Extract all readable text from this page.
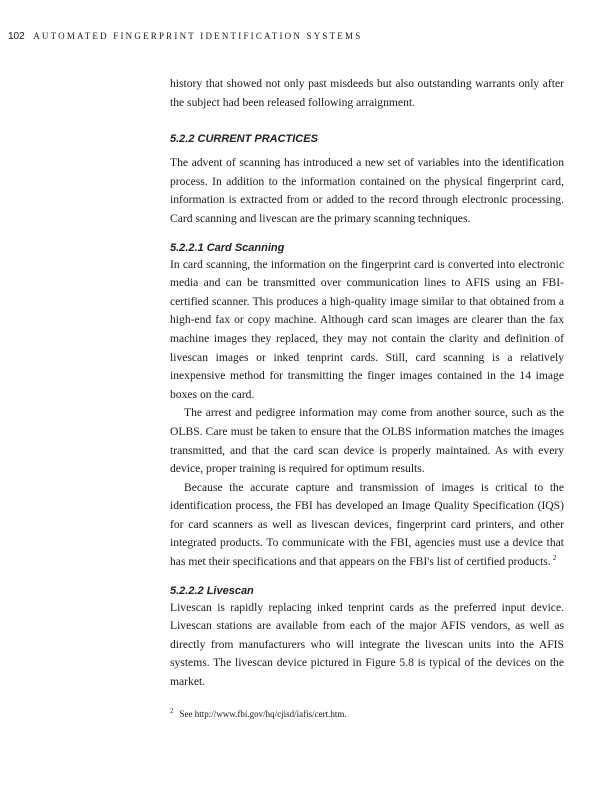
102 AUTOMATED FINGERPRINT IDENTIFICATION SYSTEMS

history that showed not only past misdeeds but also outstanding warrants only after the subject had been released following arraignment.

5.2.2 CURRENT PRACTICES

The advent of scanning has introduced a new set of variables into the identification process. In addition to the information contained on the physical fingerprint card, information is extracted from or added to the record through electronic processing. Card scanning and livescan are the primary scanning techniques.

5.2.2.1 Card Scanning

In card scanning, the information on the fingerprint card is converted into electronic media and can be transmitted over communication lines to AFIS using an FBI-certified scanner. This produces a high-quality image similar to that obtained from a high-end fax or copy machine. Although card scan images are clearer than the fax machine images they replaced, they may not contain the clarity and definition of livescan images or inked tenprint cards. Still, card scanning is a relatively inexpensive method for transmitting the finger images contained in the 14 image boxes on the card.

The arrest and pedigree information may come from another source, such as the OLBS. Care must be taken to ensure that the OLBS information matches the images transmitted, and that the card scan device is properly maintained. As with every device, proper training is required for optimum results.

Because the accurate capture and transmission of images is critical to the identification process, the FBI has developed an Image Quality Specification (IQS) for card scanners as well as livescan devices, fingerprint card printers, and other integrated products. To communicate with the FBI, agencies must use a device that has met their specifications and that appears on the FBI's list of certified products. $^2$

5.2.2.2 Livescan

Livescan is rapidly replacing inked tenprint cards as the preferred input device. Livescan stations are available from each of the major AFIS vendors, as well as directly from manufacturers who will integrate the livescan units into the AFIS systems. The livescan device pictured in Figure 5.8 is typical of the devices on the market.

$^2$ See http://www.fbi.gov/hq/cjisd/iafis/cert.htm.
